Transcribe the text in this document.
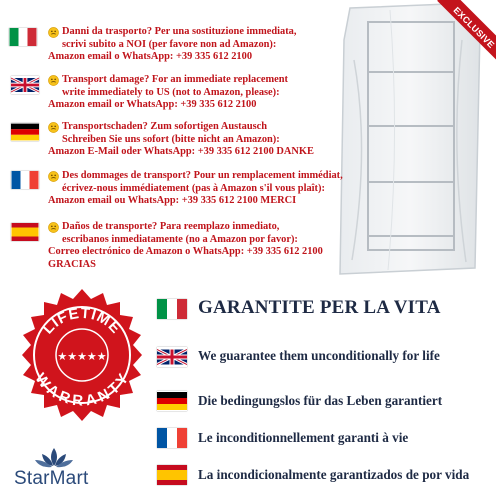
EXCLUSIVE
Danni da trasporto? Per una sostituzione immediata,
scrivi subito a NOI (per favore non ad Amazon):
Amazon email o WhatsApp: +39 335 612 2100
Transport damage? For an immediate replacement
write immediately to US (not to Amazon, please):
Amazon email or WhatsApp: +39 335 612 2100
Transportschaden? Zum sofortigen Austausch
Schreiben Sie uns sofort (bitte nicht an Amazon):
Amazon E-Mail oder WhatsApp: +39 335 612 2100 DANKE
Des dommages de transport? Pour un remplacement immédiat,
écrivez-nous immédiatement (pas à Amazon s'il vous plaît):
Amazon email ou WhatsApp: +39 335 612 2100 MERCI
Daños de transporte? Para reemplazo inmediato,
escribanos inmediatamente (no a Amazon por favor):
Correo electrónico de Amazon o WhatsApp: +39 335 612 2100
GRACIAS
LIFETIME
WARRANTY
★★★★★
GARANTITE PER LA VITA
We guarantee them unconditionally for life
Die bedingungslos für das Leben garantiert
Le inconditionnellement garanti à vie
La incondicionalmente garantizados de por vida
StarMart
